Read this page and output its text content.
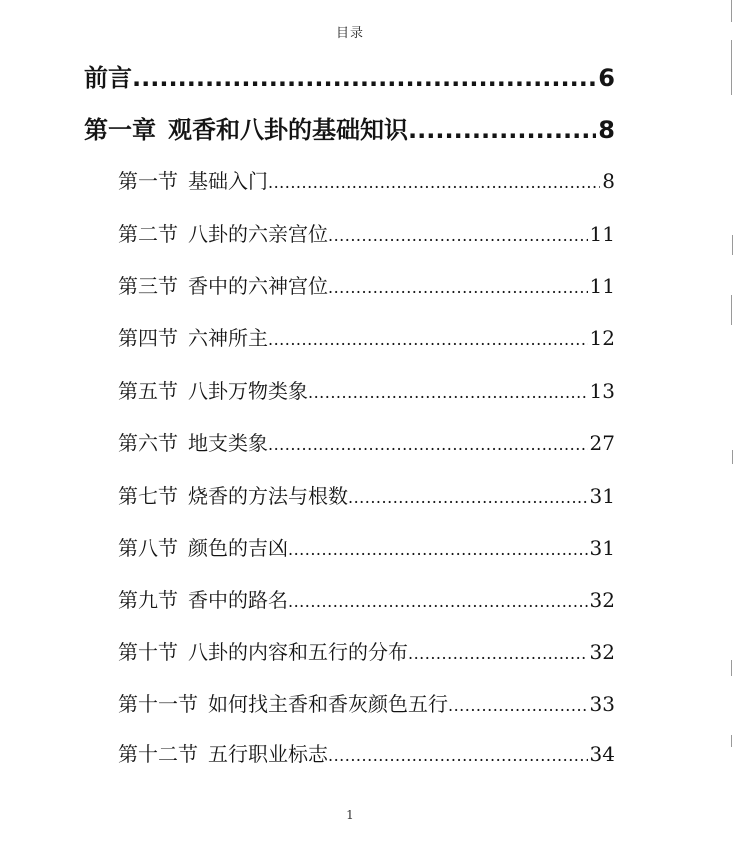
目录
前言 .....	6
第一章 观香和八卦的基础知识 .....	8
第一节 基础入门 .....	8
第二节 八卦的六亲宫位 .....	11
第三节 香中的六神宫位 .....	11
第四节 六神所主 .....	12
第五节 八卦万物类象 .....	13
第六节 地支类象 .....	27
第七节 烧香的方法与根数 .....	31
第八节 颜色的吉凶 .....	31
第九节 香中的路名 .....	32
第十节 八卦的内容和五行的分布 .....	32
第十一节 如何找主香和香灰颜色五行 .....	33
第十二节 五行职业标志 .....	34
1
